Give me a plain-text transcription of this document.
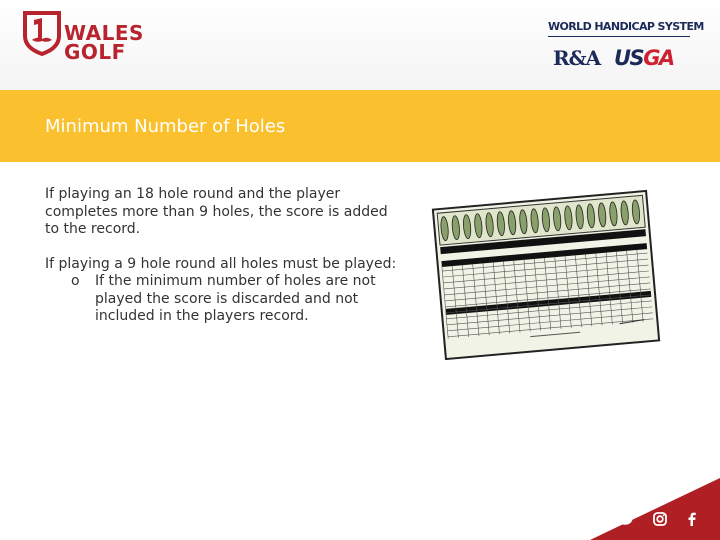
WALES
GOLF
WORLD HANDICAP SYSTEM
R&A USGA
Minimum Number of Holes

If playing an 18 hole round and the player completes more than 9 holes, the score is added to the record.

If playing a 9 hole round all holes must be played:

o If the minimum number of holes are not played the score is discarded and not included in the players record.
